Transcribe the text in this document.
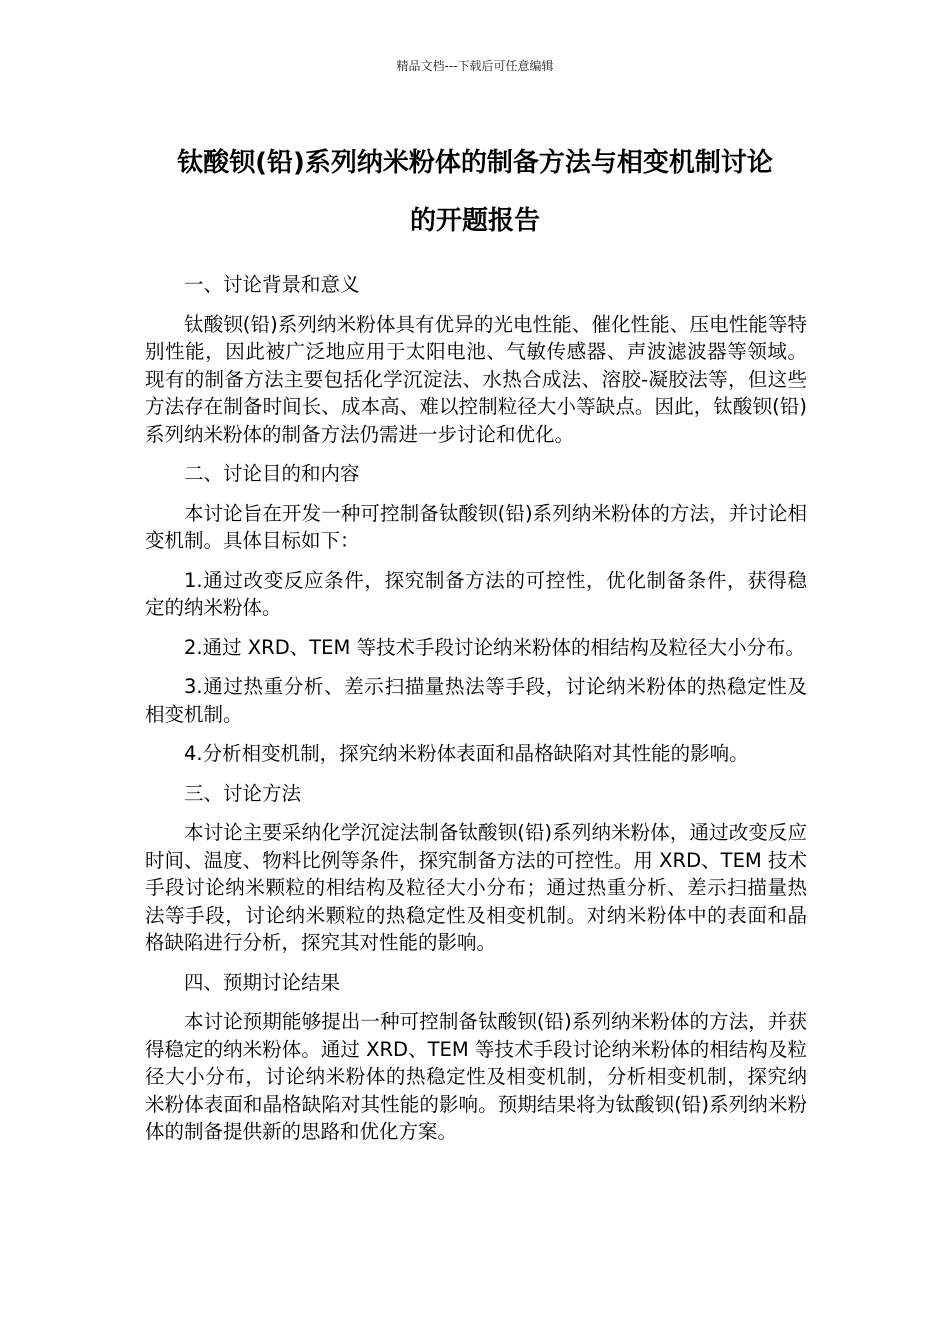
精品文档---下载后可任意编辑
钛酸钡(铅)系列纳米粉体的制备方法与相变机制讨论
的开题报告

一、讨论背景和意义

钛酸钡(铅)系列纳米粉体具有优异的光电性能、催化性能、压电性能等特别性能，因此被广泛地应用于太阳电池、气敏传感器、声波滤波器等领域。现有的制备方法主要包括化学沉淀法、水热合成法、溶胶-凝胶法等，但这些方法存在制备时间长、成本高、难以控制粒径大小等缺点。因此，钛酸钡(铅)系列纳米粉体的制备方法仍需进一步讨论和优化。

二、讨论目的和内容

本讨论旨在开发一种可控制备钛酸钡(铅)系列纳米粉体的方法，并讨论相变机制。具体目标如下：

1.通过改变反应条件，探究制备方法的可控性，优化制备条件，获得稳定的纳米粉体。

2.通过 XRD、TEM 等技术手段讨论纳米粉体的相结构及粒径大小分布。

3.通过热重分析、差示扫描量热法等手段，讨论纳米粉体的热稳定性及相变机制。

4.分析相变机制，探究纳米粉体表面和晶格缺陷对其性能的影响。

三、讨论方法

本讨论主要采纳化学沉淀法制备钛酸钡(铅)系列纳米粉体，通过改变反应时间、温度、物料比例等条件，探究制备方法的可控性。用 XRD、TEM 技术手段讨论纳米颗粒的相结构及粒径大小分布；通过热重分析、差示扫描量热法等手段，讨论纳米颗粒的热稳定性及相变机制。对纳米粉体中的表面和晶格缺陷进行分析，探究其对性能的影响。

四、预期讨论结果

本讨论预期能够提出一种可控制备钛酸钡(铅)系列纳米粉体的方法，并获得稳定的纳米粉体。通过 XRD、TEM 等技术手段讨论纳米粉体的相结构及粒径大小分布，讨论纳米粉体的热稳定性及相变机制，分析相变机制，探究纳米粉体表面和晶格缺陷对其性能的影响。预期结果将为钛酸钡(铅)系列纳米粉体的制备提供新的思路和优化方案。
